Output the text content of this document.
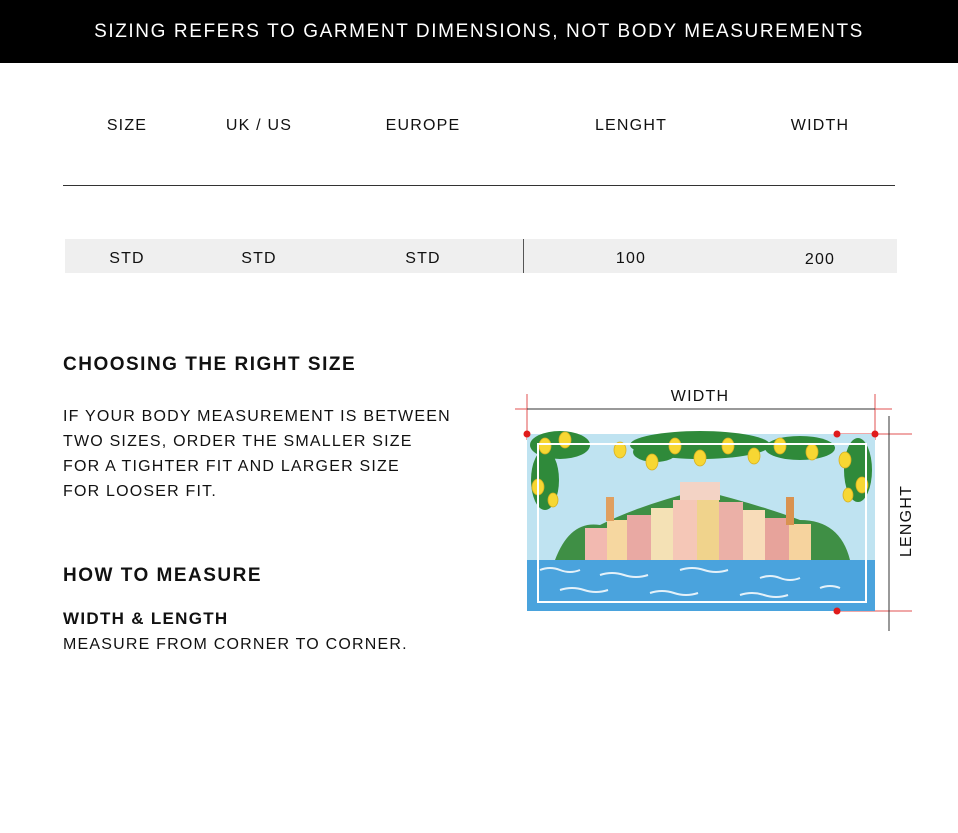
SIZING REFERS TO GARMENT DIMENSIONS, NOT BODY MEASUREMENTS
SIZE	UK / US	EUROPE	LENGHT	WIDTH
STD	STD	STD	100	200
CHOOSING THE RIGHT SIZE
IF YOUR BODY MEASUREMENT IS BETWEEN
TWO SIZES, ORDER THE SMALLER SIZE
FOR A TIGHTER FIT AND LARGER SIZE
FOR LOOSER FIT.
HOW TO MEASURE
WIDTH & LENGTH
MEASURE FROM CORNER TO CORNER.
WIDTH
LENGHT
